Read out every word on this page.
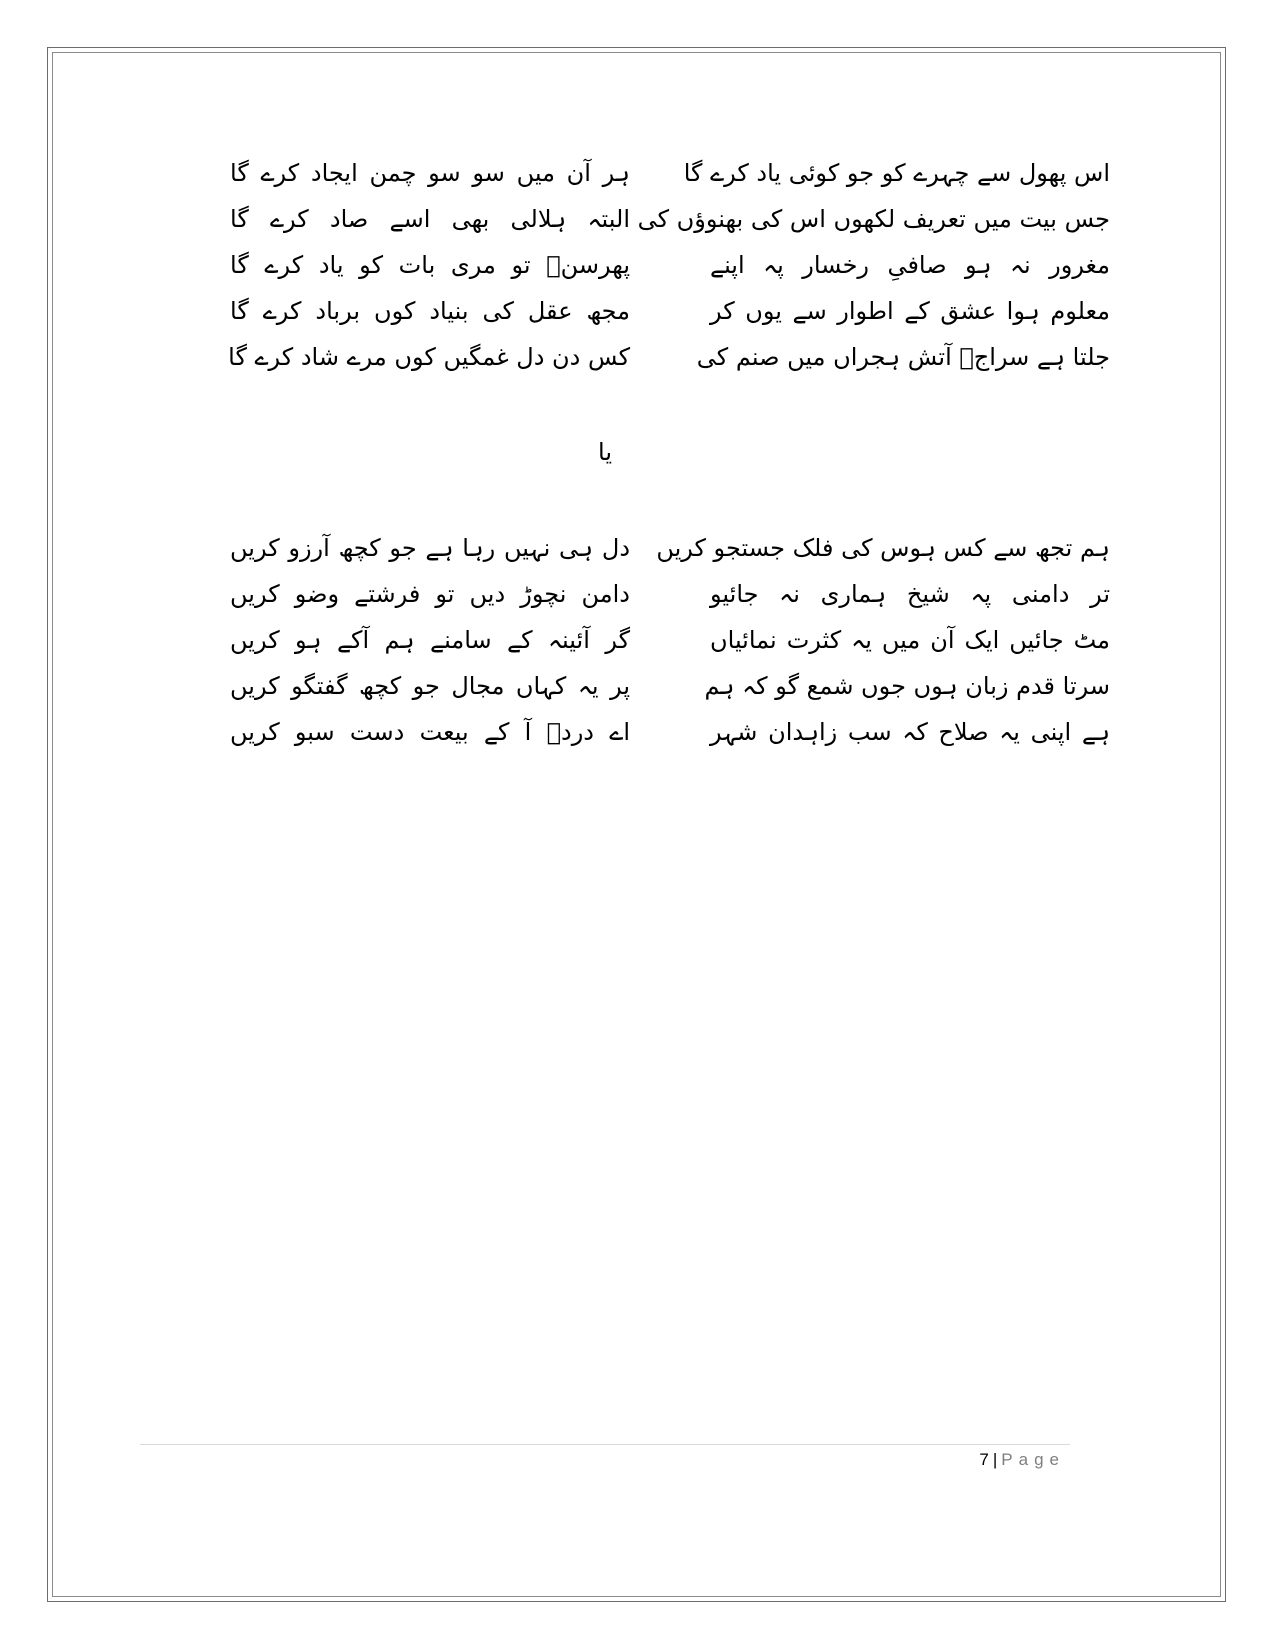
اس پھول سے چہرے کو جو کوئی یاد کرے گا
ہر آن میں سو سو چمن ایجاد کرے گا
جس بیت میں تعریف لکھوں اس کی بھنوؤں کی
البتہ ہلالی بھی اسے صاد کرے گا
مغرور نہ ہو صافیِ رخسار پہ اپنے
پھرسنؔ تو مری بات کو یاد کرے گا
معلوم ہوا عشق کے اطوار سے یوں کر
مجھ عقل کی بنیاد کوں برباد کرے گا
جلتا ہے سراجؔ آتش ہجراں میں صنم کی
کس دن دل غمگیں کوں مرے شاد کرے گا
یا
ہم تجھ سے کس ہوس کی فلک جستجو کریں
دل ہی نہیں رہا ہے جو کچھ آرزو کریں
تر دامنی پہ شیخ ہماری نہ جائیو
دامن نچوڑ دیں تو فرشتے وضو کریں
مٹ جائیں ایک آن میں یہ کثرت نمائیاں
گر آئینہ کے سامنے ہم آکے ہو کریں
سرتا قدم زبان ہوں جوں شمع گو کہ ہم
پر یہ کہاں مجال جو کچھ گفتگو کریں
ہے اپنی یہ صلاح کہ سب زاہدان شہر
اے دردؔ آ کے بیعت دست سبو کریں
7 | Page
